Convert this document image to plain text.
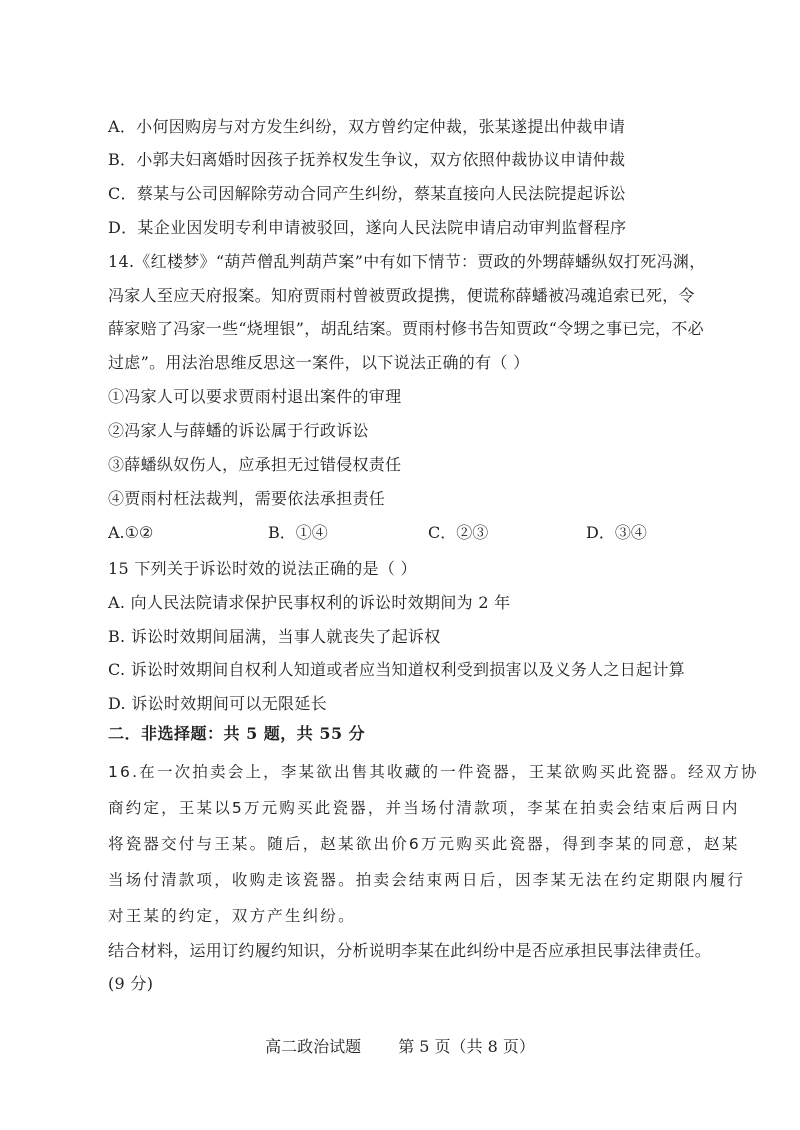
A．小何因购房与对方发生纠纷，双方曾约定仲裁，张某遂提出仲裁申请
B．小郭夫妇离婚时因孩子抚养权发生争议，双方依照仲裁协议申请仲裁
C．蔡某与公司因解除劳动合同产生纠纷，蔡某直接向人民法院提起诉讼
D．某企业因发明专利申请被驳回，遂向人民法院申请启动审判监督程序
14.《红楼梦》“葫芦僧乱判葫芦案”中有如下情节：贾政的外甥薛蟠纵奴打死冯渊，
冯家人至应天府报案。知府贾雨村曾被贾政提携，便谎称薛蟠被冯魂追索已死，令
薛家赔了冯家一些“烧埋银”，胡乱结案。贾雨村修书告知贾政“令甥之事已完，不必
过虑”。用法治思维反思这一案件，以下说法正确的有（ ）
①冯家人可以要求贾雨村退出案件的审理
②冯家人与薛蟠的诉讼属于行政诉讼
③薛蟠纵奴伤人，应承担无过错侵权责任
④贾雨村枉法裁判，需要依法承担责任
A.①②	B．①④	C．②③	D．③④
15 下列关于诉讼时效的说法正确的是（ ）
A. 向人民法院请求保护民事权利的诉讼时效期间为 2 年
B. 诉讼时效期间届满，当事人就丧失了起诉权
C. 诉讼时效期间自权利人知道或者应当知道权利受到损害以及义务人之日起计算
D. 诉讼时效期间可以无限延长
二．非选择题：共 5 题，共 55 分
16.在一次拍卖会上，李某欲出售其收藏的一件瓷器，王某欲购买此瓷器。经双方协
商约定，王某以5万元购买此瓷器，并当场付清款项，李某在拍卖会结束后两日内
将瓷器交付与王某。随后，赵某欲出价6万元购买此瓷器，得到李某的同意，赵某
当场付清款项，收购走该瓷器。拍卖会结束两日后，因李某无法在约定期限内履行
对王某的约定，双方产生纠纷。
结合材料，运用订约履约知识，分析说明李某在此纠纷中是否应承担民事法律责任。
(9 分)
高二政治试题 第 5 页（共 8 页）
